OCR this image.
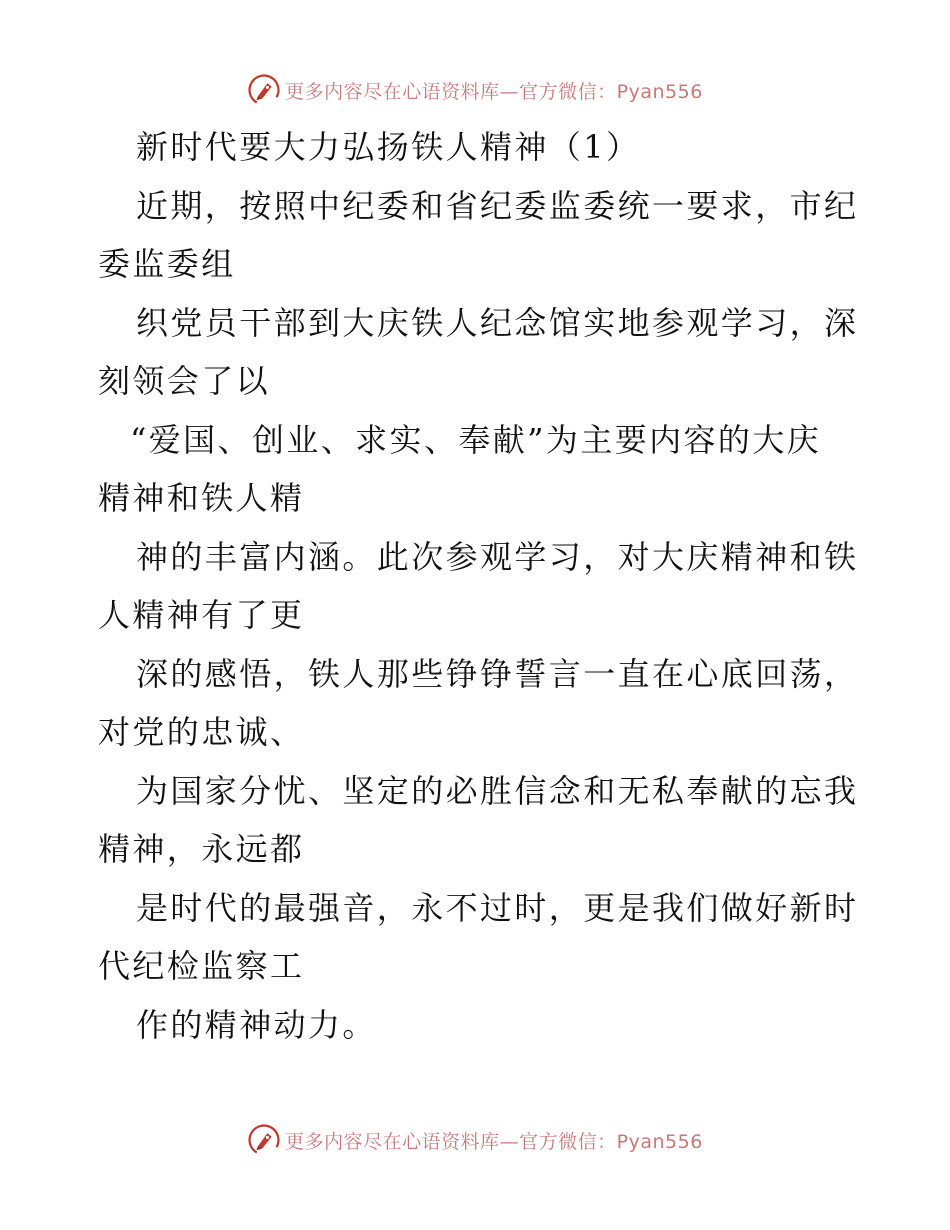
更多内容尽在心语资料库—官方微信：Pyan556
新时代要大力弘扬铁人精神（1）
近期，按照中纪委和省纪委监委统一要求，市纪
委监委组
织党员干部到大庆铁人纪念馆实地参观学习，深
刻领会了以
“爱国、创业、求实、奉献”为主要内容的大庆
精神和铁人精
神的丰富内涵。此次参观学习，对大庆精神和铁
人精神有了更
深的感悟，铁人那些铮铮誓言一直在心底回荡，
对党的忠诚、
为国家分忧、坚定的必胜信念和无私奉献的忘我
精神，永远都
是时代的最强音，永不过时，更是我们做好新时
代纪检监察工
作的精神动力。
更多内容尽在心语资料库—官方微信：Pyan556
